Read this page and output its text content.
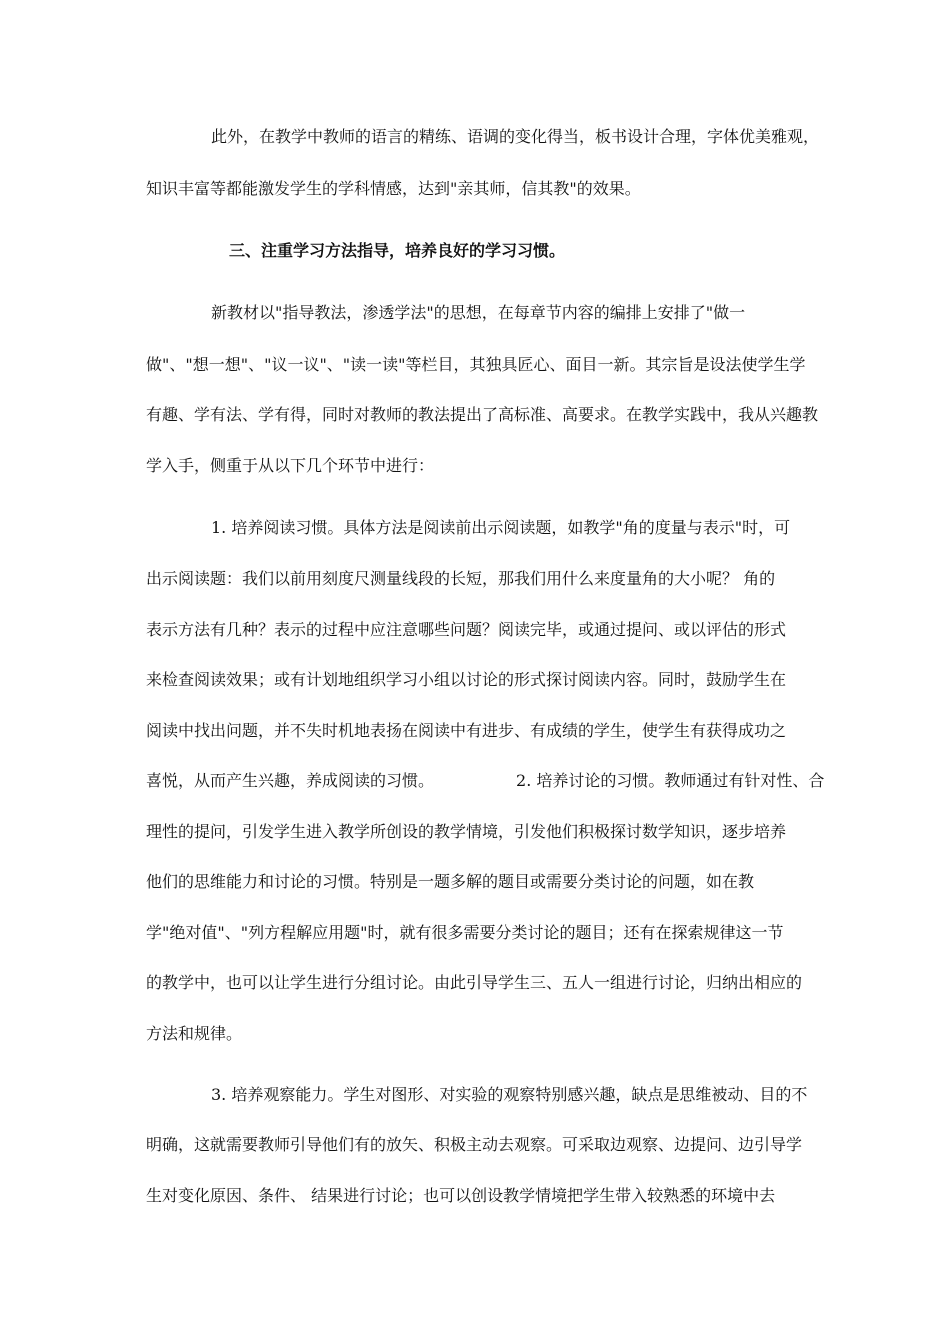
此外，在教学中教师的语言的精练、语调的变化得当，板书设计合理，字体优美雅观，
知识丰富等都能激发学生的学科情感，达到"亲其师，信其教"的效果。
三、注重学习方法指导，培养良好的学习习惯。
新教材以"指导教法，渗透学法"的思想，在每章节内容的编排上安排了"做一
做"、"想一想"、"议一议"、"读一读"等栏目，其独具匠心、面目一新。其宗旨是设法使学生学
有趣、学有法、学有得，同时对教师的教法提出了高标准、高要求。在教学实践中，我从兴趣教
学入手，侧重于从以下几个环节中进行：
1. 培养阅读习惯。具体方法是阅读前出示阅读题，如教学"角的度量与表示"时，可
出示阅读题：我们以前用刻度尺测量线段的长短，那我们用什么来度量角的大小呢？ 角的
表示方法有几种？表示的过程中应注意哪些问题？阅读完毕，或通过提问、或以评估的形式
来检查阅读效果；或有计划地组织学习小组以讨论的形式探讨阅读内容。同时，鼓励学生在
阅读中找出问题，并不失时机地表扬在阅读中有进步、有成绩的学生，使学生有获得成功之
喜悦，从而产生兴趣，养成阅读的习惯。	2. 培养讨论的习惯。教师通过有针对性、合
理性的提问，引发学生进入教学所创设的教学情境，引发他们积极探讨数学知识，逐步培养
他们的思维能力和讨论的习惯。特别是一题多解的题目或需要分类讨论的问题，如在教
学"绝对值"、"列方程解应用题"时，就有很多需要分类讨论的题目；还有在探索规律这一节
的教学中，也可以让学生进行分组讨论。由此引导学生三、五人一组进行讨论，归纳出相应的
方法和规律。
3. 培养观察能力。学生对图形、对实验的观察特别感兴趣，缺点是思维被动、目的不
明确，这就需要教师引导他们有的放矢、积极主动去观察。可采取边观察、边提问、边引导学
生对变化原因、条件、 结果进行讨论；也可以创设教学情境把学生带入较熟悉的环境中去
